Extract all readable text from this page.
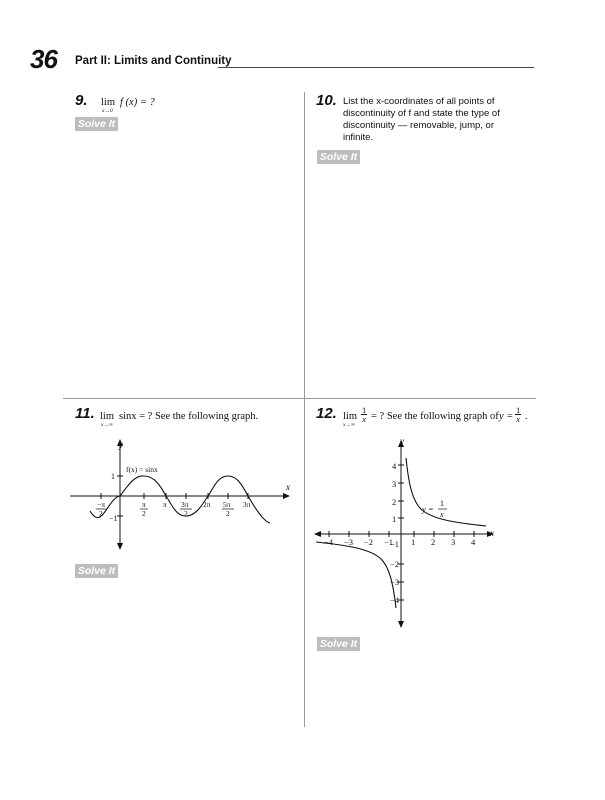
36 Part II: Limits and Continuity
9. lim
x→0
f (x) = ?
Solve It
10. List the x-coordinates of all points of
discontinuity of f and state the type of
discontinuity — removable, jump, or
infinite.
Solve It
11. lim
x→∞
sinx = ? See the following graph.
x
y
1
−1
−π
2
π
2
π 3π
2
2π 5π
2
3π
f(x) = sinx
Solve It
12. lim
x→∞
$\frac{1}{x}$ = ? See the following graph of $y = \frac{1}{x}$ .
x
y
−4 −3 −2 −1 1 2 3 4
4
3
2
1
−1
−2
−3
−4
y =
1
x
Solve It
